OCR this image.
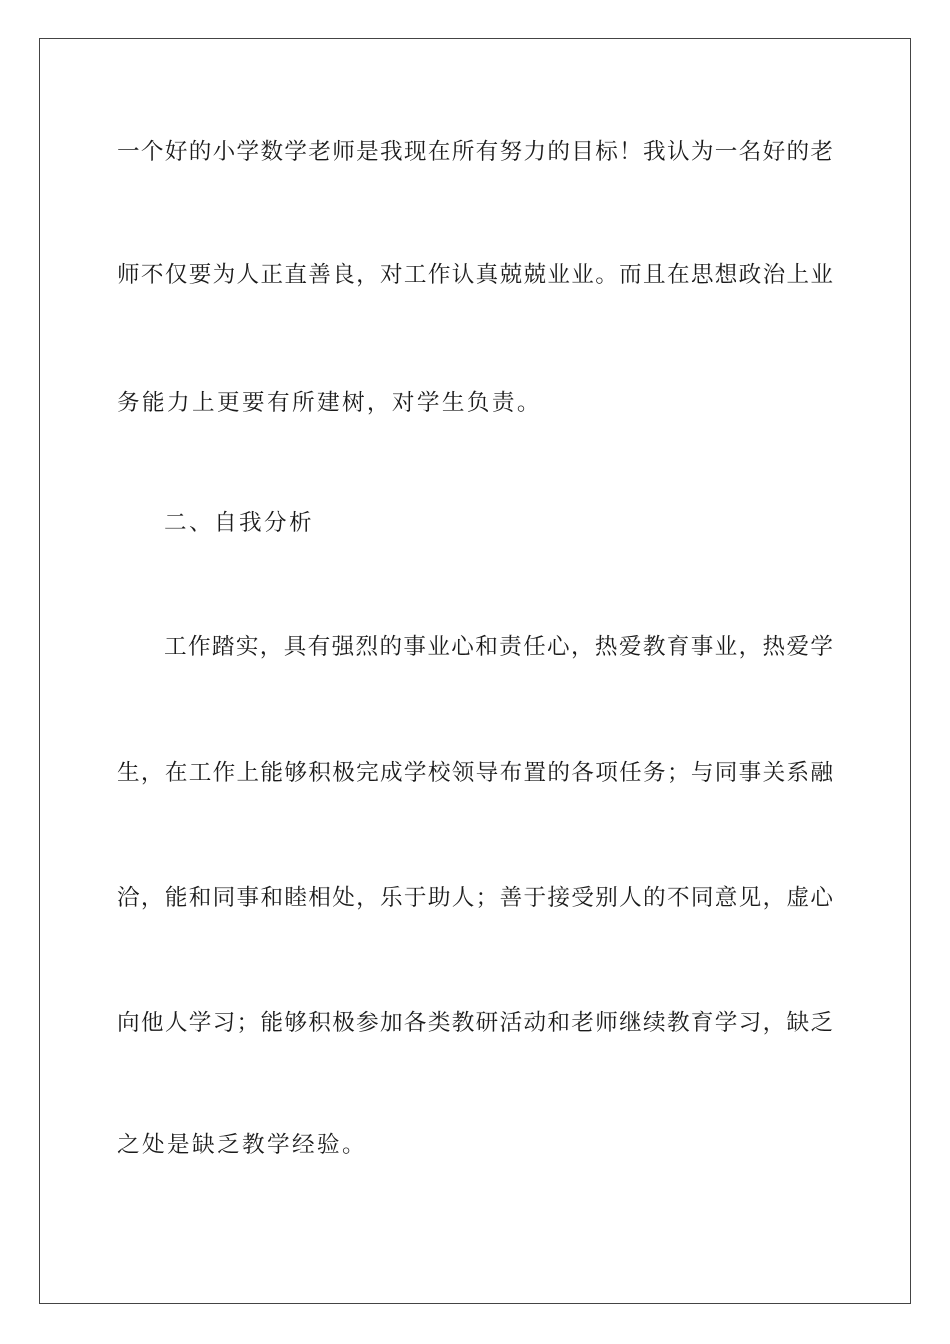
一个好的小学数学老师是我现在所有努力的目标！我认为一名好的老
师不仅要为人正直善良，对工作认真兢兢业业。而且在思想政治上业
务能力上更要有所建树，对学生负责。
二、自我分析
工作踏实，具有强烈的事业心和责任心，热爱教育事业，热爱学
生，在工作上能够积极完成学校领导布置的各项任务；与同事关系融
洽，能和同事和睦相处，乐于助人；善于接受别人的不同意见，虚心
向他人学习；能够积极参加各类教研活动和老师继续教育学习，缺乏
之处是缺乏教学经验。
